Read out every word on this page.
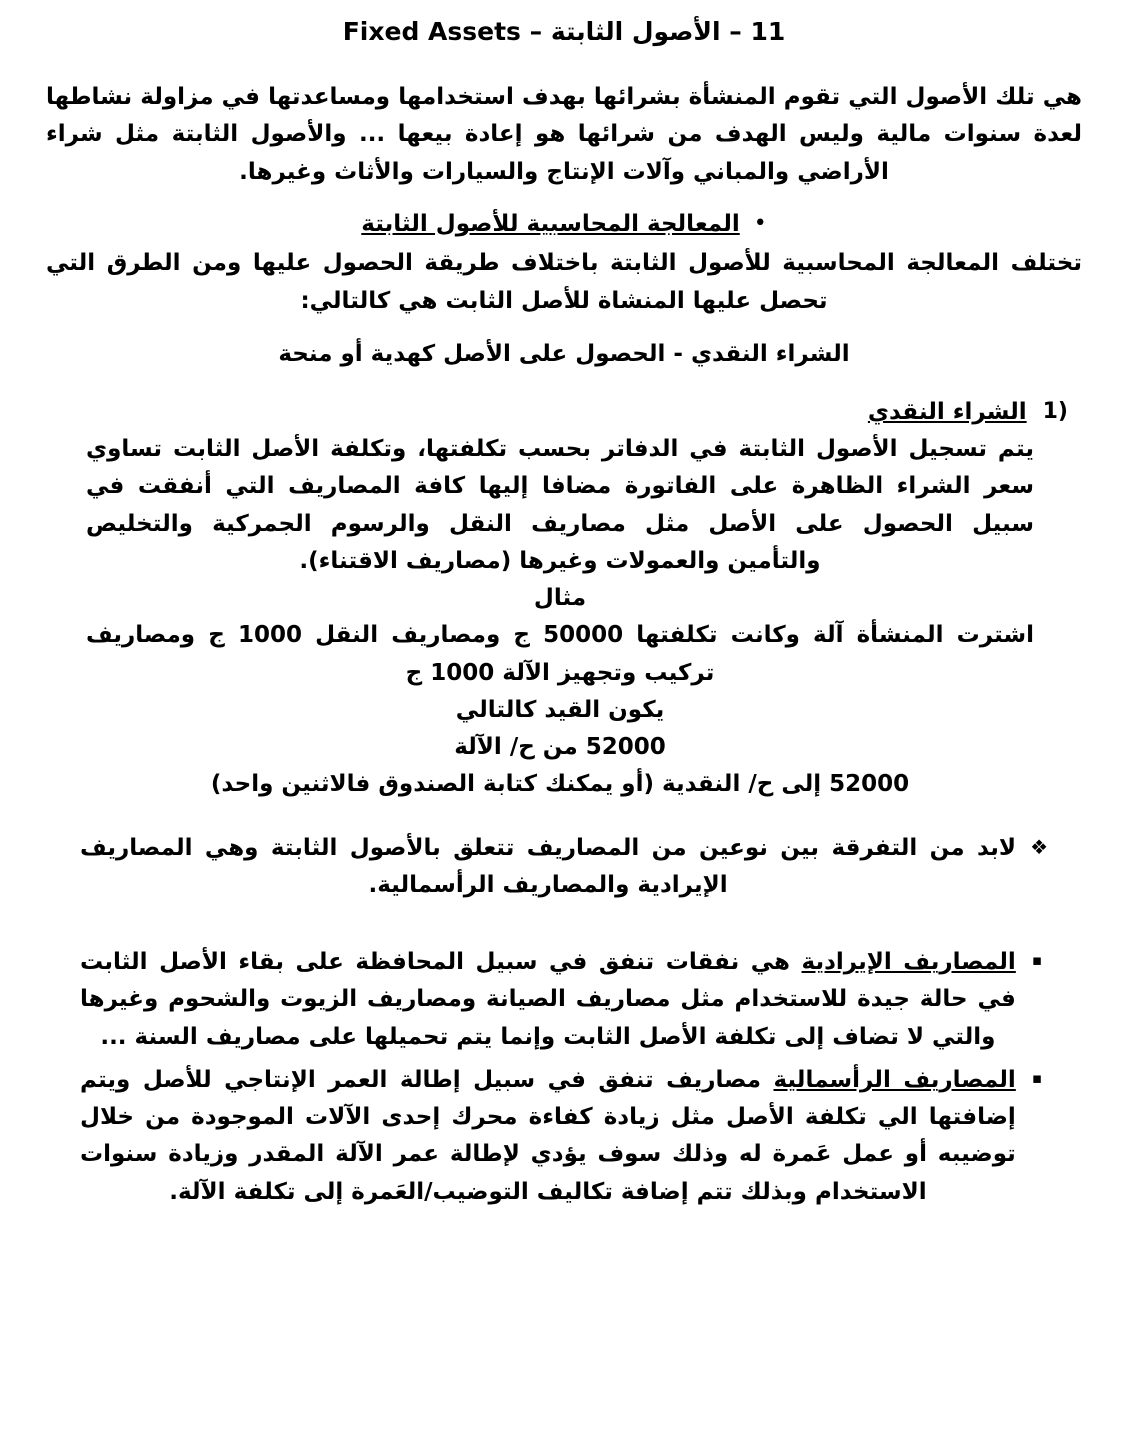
11 – الأصول الثابتة – Fixed Assets

هي تلك الأصول التي تقوم المنشأة بشرائها بهدف استخدامها ومساعدتها في مزاولة نشاطها لعدة سنوات مالية وليس الهدف من شرائها هو إعادة بيعها ... والأصول الثابتة مثل شراء الأراضي والمباني وآلات الإنتاج والسيارات والأثاث وغيرها.

•
المعالجة المحاسبية للأصول الثابتة

تختلف المعالجة المحاسبية للأصول الثابتة باختلاف طريقة الحصول عليها ومن الطرق التي تحصل عليها المنشاة للأصل الثابت هي كالتالي:

الشراء النقدي - الحصول على الأصل كهدية أو منحة

1)
الشراء النقدي

يتم تسجيل الأصول الثابتة في الدفاتر بحسب تكلفتها، وتكلفة الأصل الثابت تساوي سعر الشراء الظاهرة على الفاتورة مضافا إليها كافة المصاريف التي أنفقت في سبيل الحصول على الأصل مثل مصاريف النقل والرسوم الجمركية والتخليص والتأمين والعمولات وغيرها (مصاريف الاقتناء).

مثال

اشترت المنشأة آلة وكانت تكلفتها 50000 ج ومصاريف النقل 1000 ج ومصاريف تركيب وتجهيز الآلة 1000 ج

يكون القيد كالتالي
52000 من ح/ الآلة
52000 إلى ح/ النقدية (أو يمكنك كتابة الصندوق فالاثنين واحد)
❖
لابد من التفرقة بين نوعين من المصاريف تتعلق بالأصول الثابتة وهي المصاريف الإيرادية والمصاريف الرأسمالية.
▪
المصاريف الإيرادية هي نفقات تنفق في سبيل المحافظة على بقاء الأصل الثابت في حالة جيدة للاستخدام مثل مصاريف الصيانة ومصاريف الزيوت والشحوم وغيرها والتي لا تضاف إلى تكلفة الأصل الثابت وإنما يتم تحميلها على مصاريف السنة ...
▪
المصاريف الرأسمالية مصاريف تنفق في سبيل إطالة العمر الإنتاجي للأصل ويتم إضافتها الي تكلفة الأصل مثل زيادة كفاءة محرك إحدى الآلات الموجودة من خلال توضيبه أو عمل عَمرة له وذلك سوف يؤدي لإطالة عمر الآلة المقدر وزيادة سنوات الاستخدام وبذلك تتم إضافة تكاليف التوضيب/العَمرة إلى تكلفة الآلة.
